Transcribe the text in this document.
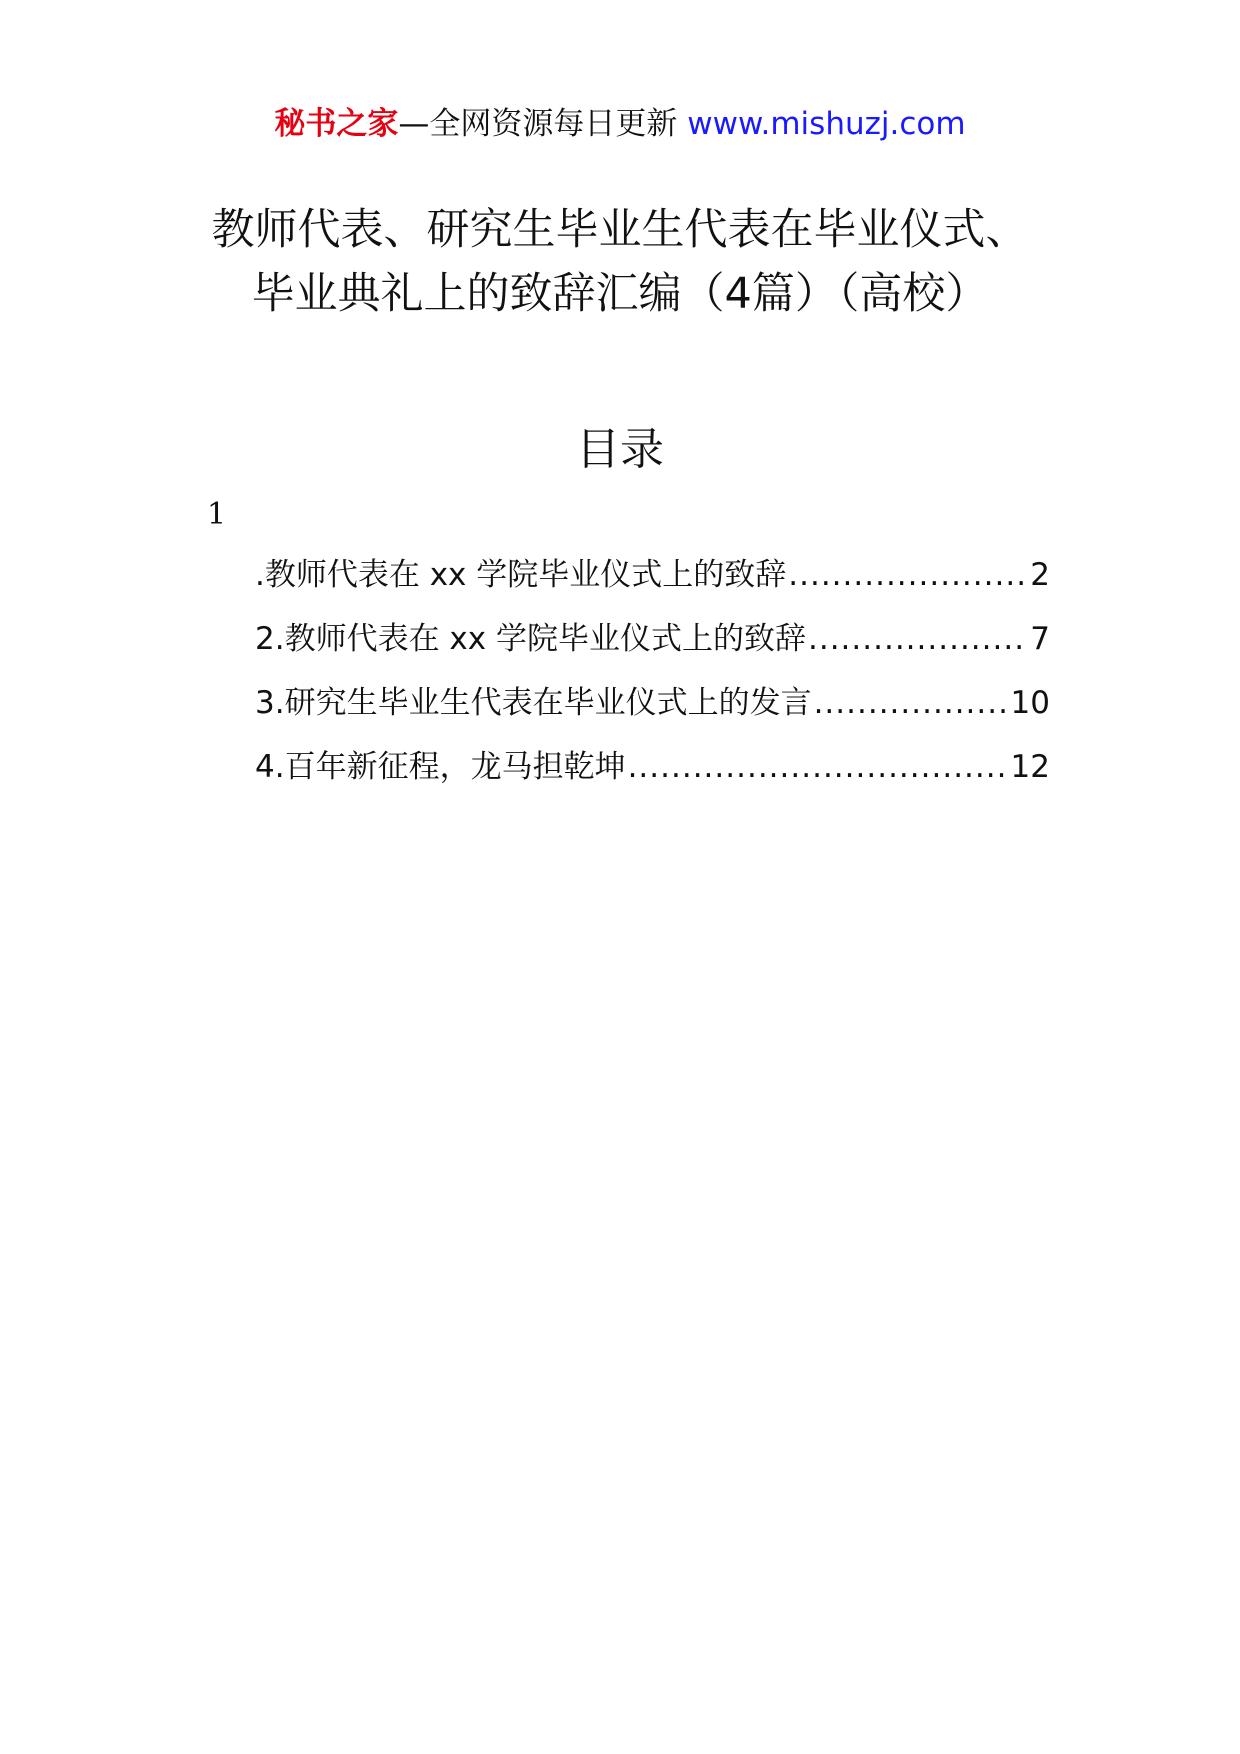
秘书之家—全网资源每日更新 www.mishuzj.com
教师代表、研究生毕业生代表在毕业仪式、
毕业典礼上的致辞汇编（4篇）（高校）
目录
1
.教师代表在 xx 学院毕业仪式上的致辞 .....	2
2.教师代表在 xx 学院毕业仪式上的致辞 .....	7
3.研究生毕业生代表在毕业仪式上的发言 .....	10
4.百年新征程，龙马担乾坤 .....	12
